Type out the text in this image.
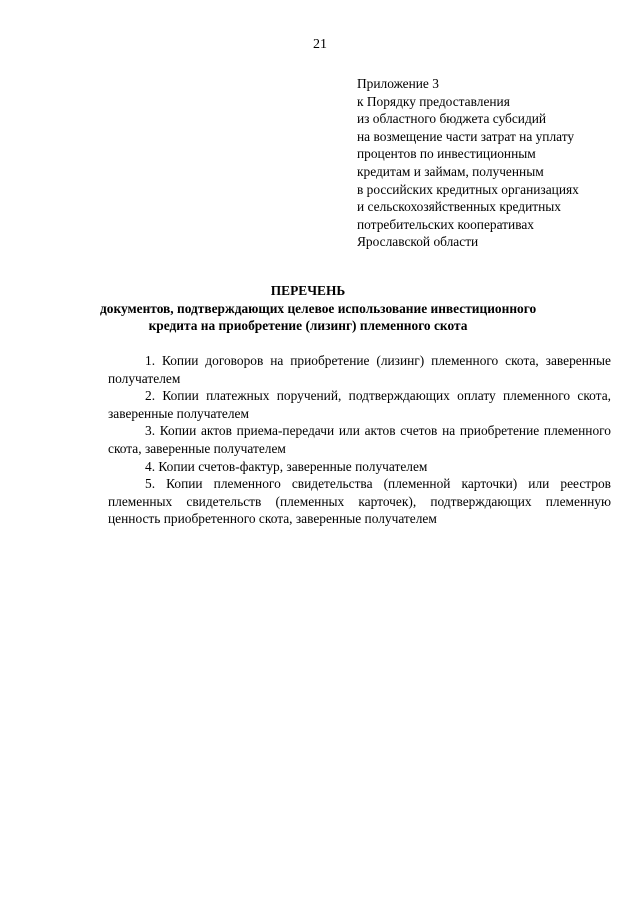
21
Приложение 3
к Порядку предоставления
из областного бюджета субсидий
на возмещение части затрат на уплату
процентов по инвестиционным
кредитам и займам, полученным
в российских кредитных организациях
и сельскохозяйственных кредитных
потребительских кооперативах
Ярославской области
ПЕРЕЧЕНЬ
документов, подтверждающих целевое использование инвестиционного
кредита на приобретение (лизинг) племенного скота

1. Копии договоров на приобретение (лизинг) племенного скота, заверенные получателем

2. Копии платежных поручений, подтверждающих оплату племенного скота, заверенные получателем

3. Копии актов приема-передачи или актов счетов на приобретение племенного скота, заверенные получателем

4. Копии счетов-фактур, заверенные получателем

5. Копии племенного свидетельства (племенной карточки) или реестров племенных свидетельств (племенных карточек), подтверждающих племенную ценность приобретенного скота, заверенные получателем
